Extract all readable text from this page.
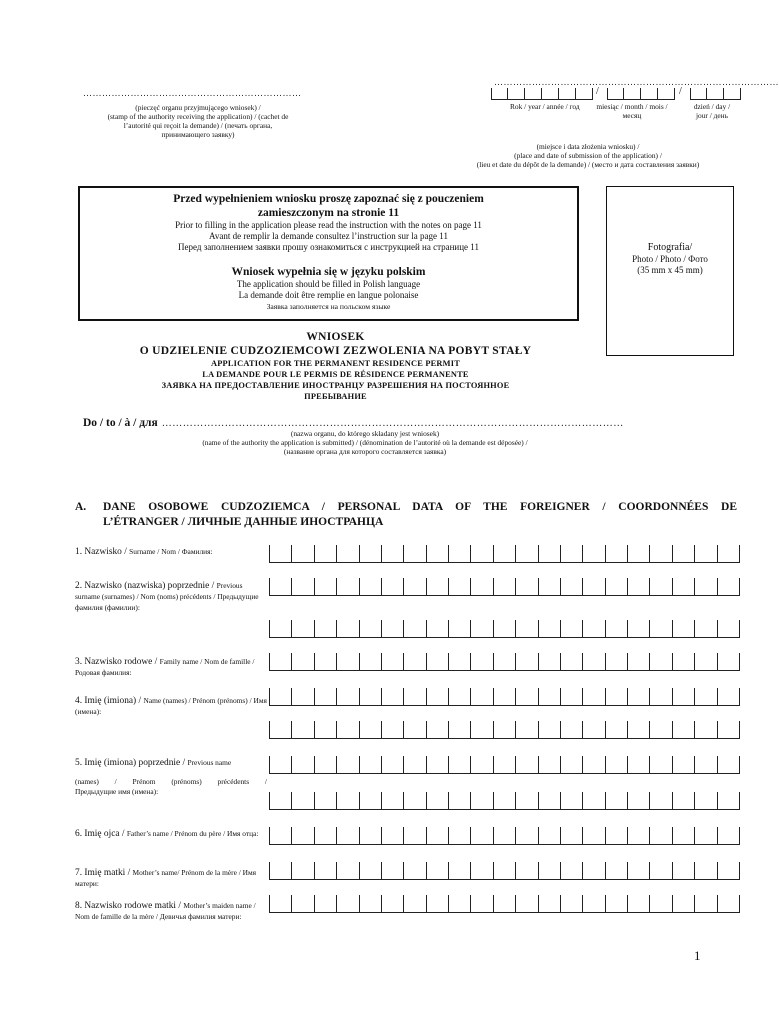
……………………………………………………………
(pieczęć organu przyjmującego wniosek) /
(stamp of the authority receiving the application) / (cachet de
l’autorité qui reçoit la demande) / (печать органа,
принимающего заявку)
………………………………………………………………………………
/	/
Rok / year / année / год	miesiąc / month / mois /
месяц
dzień / day /
jour / день
(miejsce i data złożenia wniosku) /
(place and date of submission of the application) /
(lieu et date du dépôt de la demande) / (место и дата составления заявки)
Przed wypełnieniem wniosku proszę zapoznać się z pouczeniem
zamieszczonym na stronie 11
Prior to filling in the application please read the instruction with the notes on page 11
Avant de remplir la demande consultez l’instruction sur la page 11
Перед заполнением заявки прошу ознакомиться с инструкцией на странице 11
Wniosek wypełnia się w języku polskim
The application should be filled in Polish language
La demande doit être remplie en langue polonaise
Заявка заполняется на польском языке
Fotografia/
Photo / Photo / Фото
(35 mm x 45 mm)
WNIOSEK
O UDZIELENIE CUDZOZIEMCOWI ZEZWOLENIA NA POBYT STAŁY
APPLICATION FOR THE PERMANENT RESIDENCE PERMIT
LA DEMANDE POUR LE PERMIS DE RÉSIDENCE PERMANENTE
ЗАЯВКА НА ПРЕДОСТАВЛЕНИЕ ИНОСТРАНЦУ РАЗРЕШЕНИЯ НА ПОСТОЯННОЕ
ПРЕБЫВАНИЕ
Do / to / à / для ……………………………………………………………………………………………………………………
(nazwa organu, do którego składany jest wniosek)
(name of the authority the application is submitted) / (dénomination de l’autorité où la demande est déposée) /
(название органа для которого составляется заявка)
A. DANE OSOBOWE CUDZOZIEMCA / PERSONAL DATA OF THE FOREIGNER / COORDONNÉES DE
L’ÉTRANGER / ЛИЧНЫЕ ДАННЫЕ ИНОСТРАНЦА
1. Nazwisko / Surname / Nom / Фамилия:
2. Nazwisko (nazwiska) poprzednie / Previous surname (surnames) / Nom (noms) précédents / Предыдущие фамилия (фамилии):
3. Nazwisko rodowe / Family name / Nom de famille / Родовая фамилия:
4. Imię (imiona) / Name (names) / Prénom (prénoms) / Имя (имена):
5. Imię (imiona) poprzednie / Previous name
(names) / Prénom (prénoms) précédents /
Предыдущие имя (имена):
6. Imię ojca / Father’s name / Prénom du père / Имя отца:
7. Imię matki / Mother’s name/ Prénom de la mère / Имя матери:
8. Nazwisko rodowe matki / Mother’s maiden name / Nom de famille de la mère / Девичья фамилия матери:
1
